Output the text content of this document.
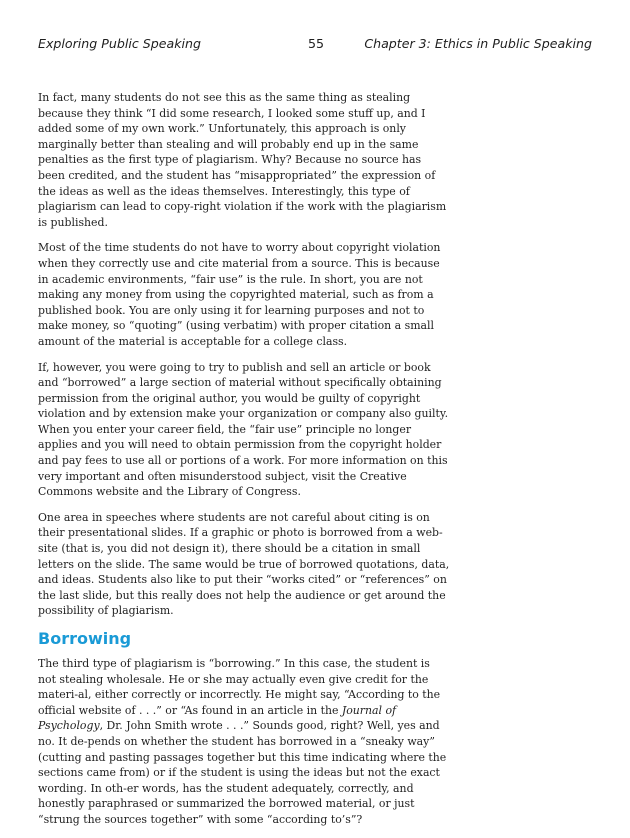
Exploring Public Speaking	55	Chapter 3: Ethics in Public Speaking

In fact, many students do not see this as the same thing as stealing because they think “I did some research, I looked some stuff up, and I added some of my own work.” Unfortunately, this approach is only marginally better than stealing and will probably end up in the same penalties as the first type of plagiarism. Why? Because no source has been credited, and the student has “misappropriated” the expression of the ideas as well as the ideas themselves. Interestingly, this type of plagiarism can lead to copy-right violation if the work with the plagiarism is published.

Most of the time students do not have to worry about copyright violation when they correctly use and cite material from a source. This is because in academic environments, “fair use” is the rule. In short, you are not making any money from using the copyrighted material, such as from a published book. You are only using it for learning purposes and not to make money, so “quoting” (using verbatim) with proper citation a small amount of the material is acceptable for a college class.

If, however, you were going to try to publish and sell an article or book and “borrowed” a large section of material without specifically obtaining permission from the original author, you would be guilty of copyright violation and by extension make your organization or company also guilty. When you enter your career field, the “fair use” principle no longer applies and you will need to obtain permission from the copyright holder and pay fees to use all or portions of a work. For more information on this very important and often misunderstood subject, visit the Creative Commons website and the Library of Congress.

One area in speeches where students are not careful about citing is on their presentational slides. If a graphic or photo is borrowed from a web-site (that is, you did not design it), there should be a citation in small letters on the slide. The same would be true of borrowed quotations, data, and ideas. Students also like to put their “works cited” or “references” on the last slide, but this really does not help the audience or get around the possibility of plagiarism.

Borrowing

The third type of plagiarism is “borrowing.” In this case, the student is not stealing wholesale. He or she may actually even give credit for the materi-al, either correctly or incorrectly. He might say, “According to the official website of . . .” or “As found in an article in the Journal of Psychology, Dr. John Smith wrote . . .” Sounds good, right? Well, yes and no. It de-pends on whether the student has borrowed in a “sneaky way” (cutting and pasting passages together but this time indicating where the sections came from) or if the student is using the ideas but not the exact wording. In oth-er words, has the student adequately, correctly, and honestly paraphrased or summarized the borrowed material, or just “strung the sources together” with some “according to’s”?
